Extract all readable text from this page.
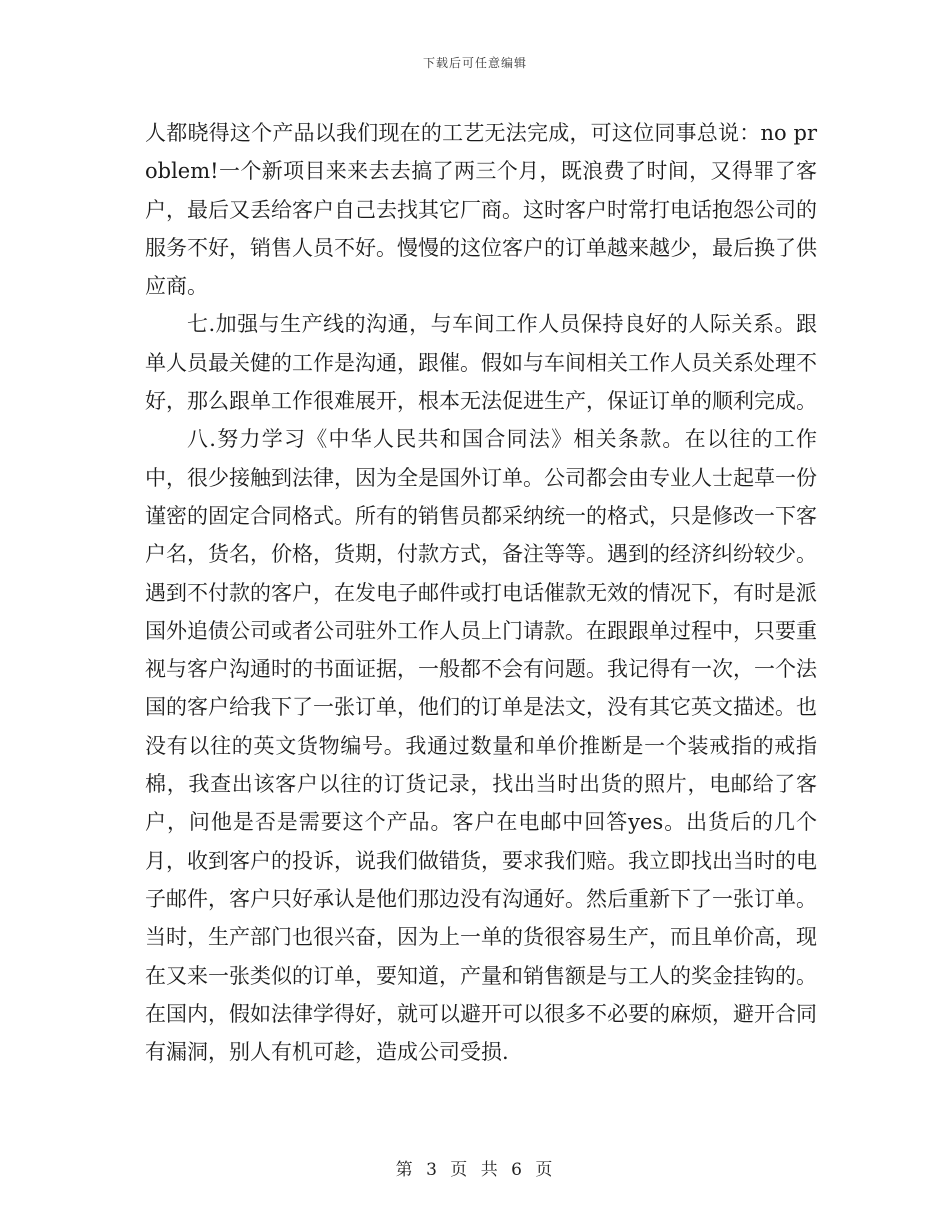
下载后可任意编辑

人都晓得这个产品以我们现在的工艺无法完成，可这位同事总说：no problem!一个新项目来来去去搞了两三个月，既浪费了时间，又得罪了客户，最后又丢给客户自己去找其它厂商。这时客户时常打电话抱怨公司的服务不好，销售人员不好。慢慢的这位客户的订单越来越少，最后换了供应商。

七.加强与生产线的沟通，与车间工作人员保持良好的人际关系。跟单人员最关健的工作是沟通，跟催。假如与车间相关工作人员关系处理不好，那么跟单工作很难展开，根本无法促进生产，保证订单的顺利完成。

八.努力学习《中华人民共和国合同法》相关条款。在以往的工作中，很少接触到法律，因为全是国外订单。公司都会由专业人士起草一份谨密的固定合同格式。所有的销售员都采纳统一的格式，只是修改一下客户名，货名，价格，货期，付款方式，备注等等。遇到的经济纠纷较少。遇到不付款的客户，在发电子邮件或打电话催款无效的情况下，有时是派国外追债公司或者公司驻外工作人员上门请款。在跟跟单过程中，只要重视与客户沟通时的书面证据，一般都不会有问题。我记得有一次，一个法国的客户给我下了一张订单，他们的订单是法文，没有其它英文描述。也没有以往的英文货物编号。我通过数量和单价推断是一个装戒指的戒指棉，我查出该客户以往的订货记录，找出当时出货的照片，电邮给了客户，问他是否是需要这个产品。客户在电邮中回答yes。出货后的几个月，收到客户的投诉，说我们做错货，要求我们赔。我立即找出当时的电子邮件，客户只好承认是他们那边没有沟通好。然后重新下了一张订单。当时，生产部门也很兴奋，因为上一单的货很容易生产，而且单价高，现在又来一张类似的订单，要知道，产量和销售额是与工人的奖金挂钩的。在国内，假如法律学得好，就可以避开可以很多不必要的麻烦，避开合同有漏洞，别人有机可趁，造成公司受损.

第 3 页 共 6 页
